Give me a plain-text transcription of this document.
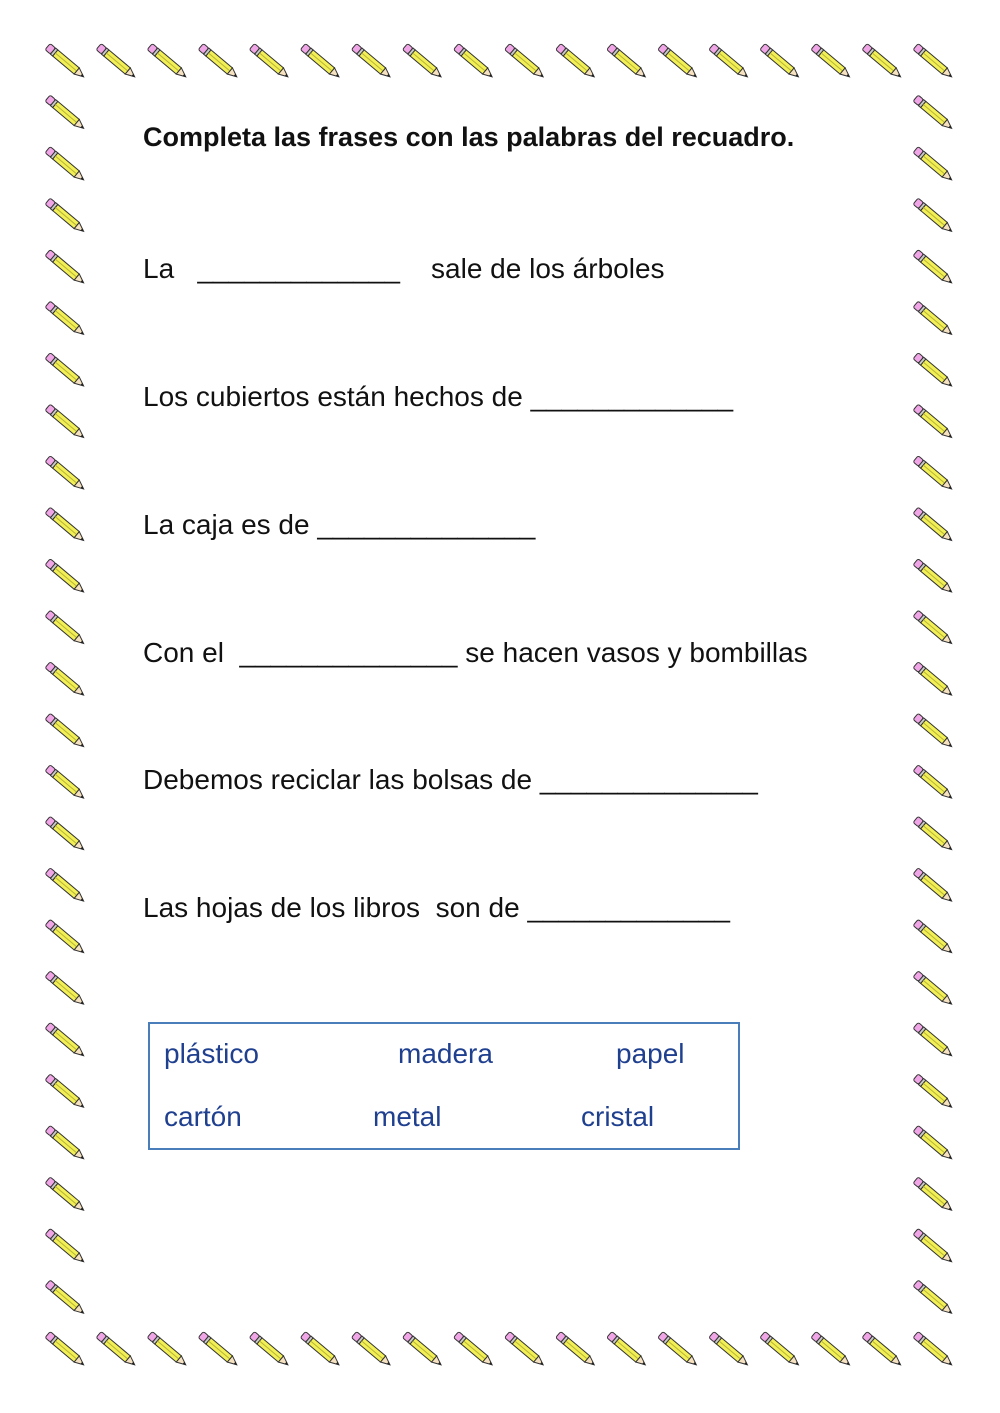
Completa las frases con las palabras del recuadro.
La   _____________    sale de los árboles
Los cubiertos están hechos de _____________
La caja es de ______________
Con el  ______________ se hacen vasos y bombillas
Debemos reciclar las bolsas de ______________
Las hojas de los libros  son de _____________
plástico	madera	papel
cartón	metal	cristal
